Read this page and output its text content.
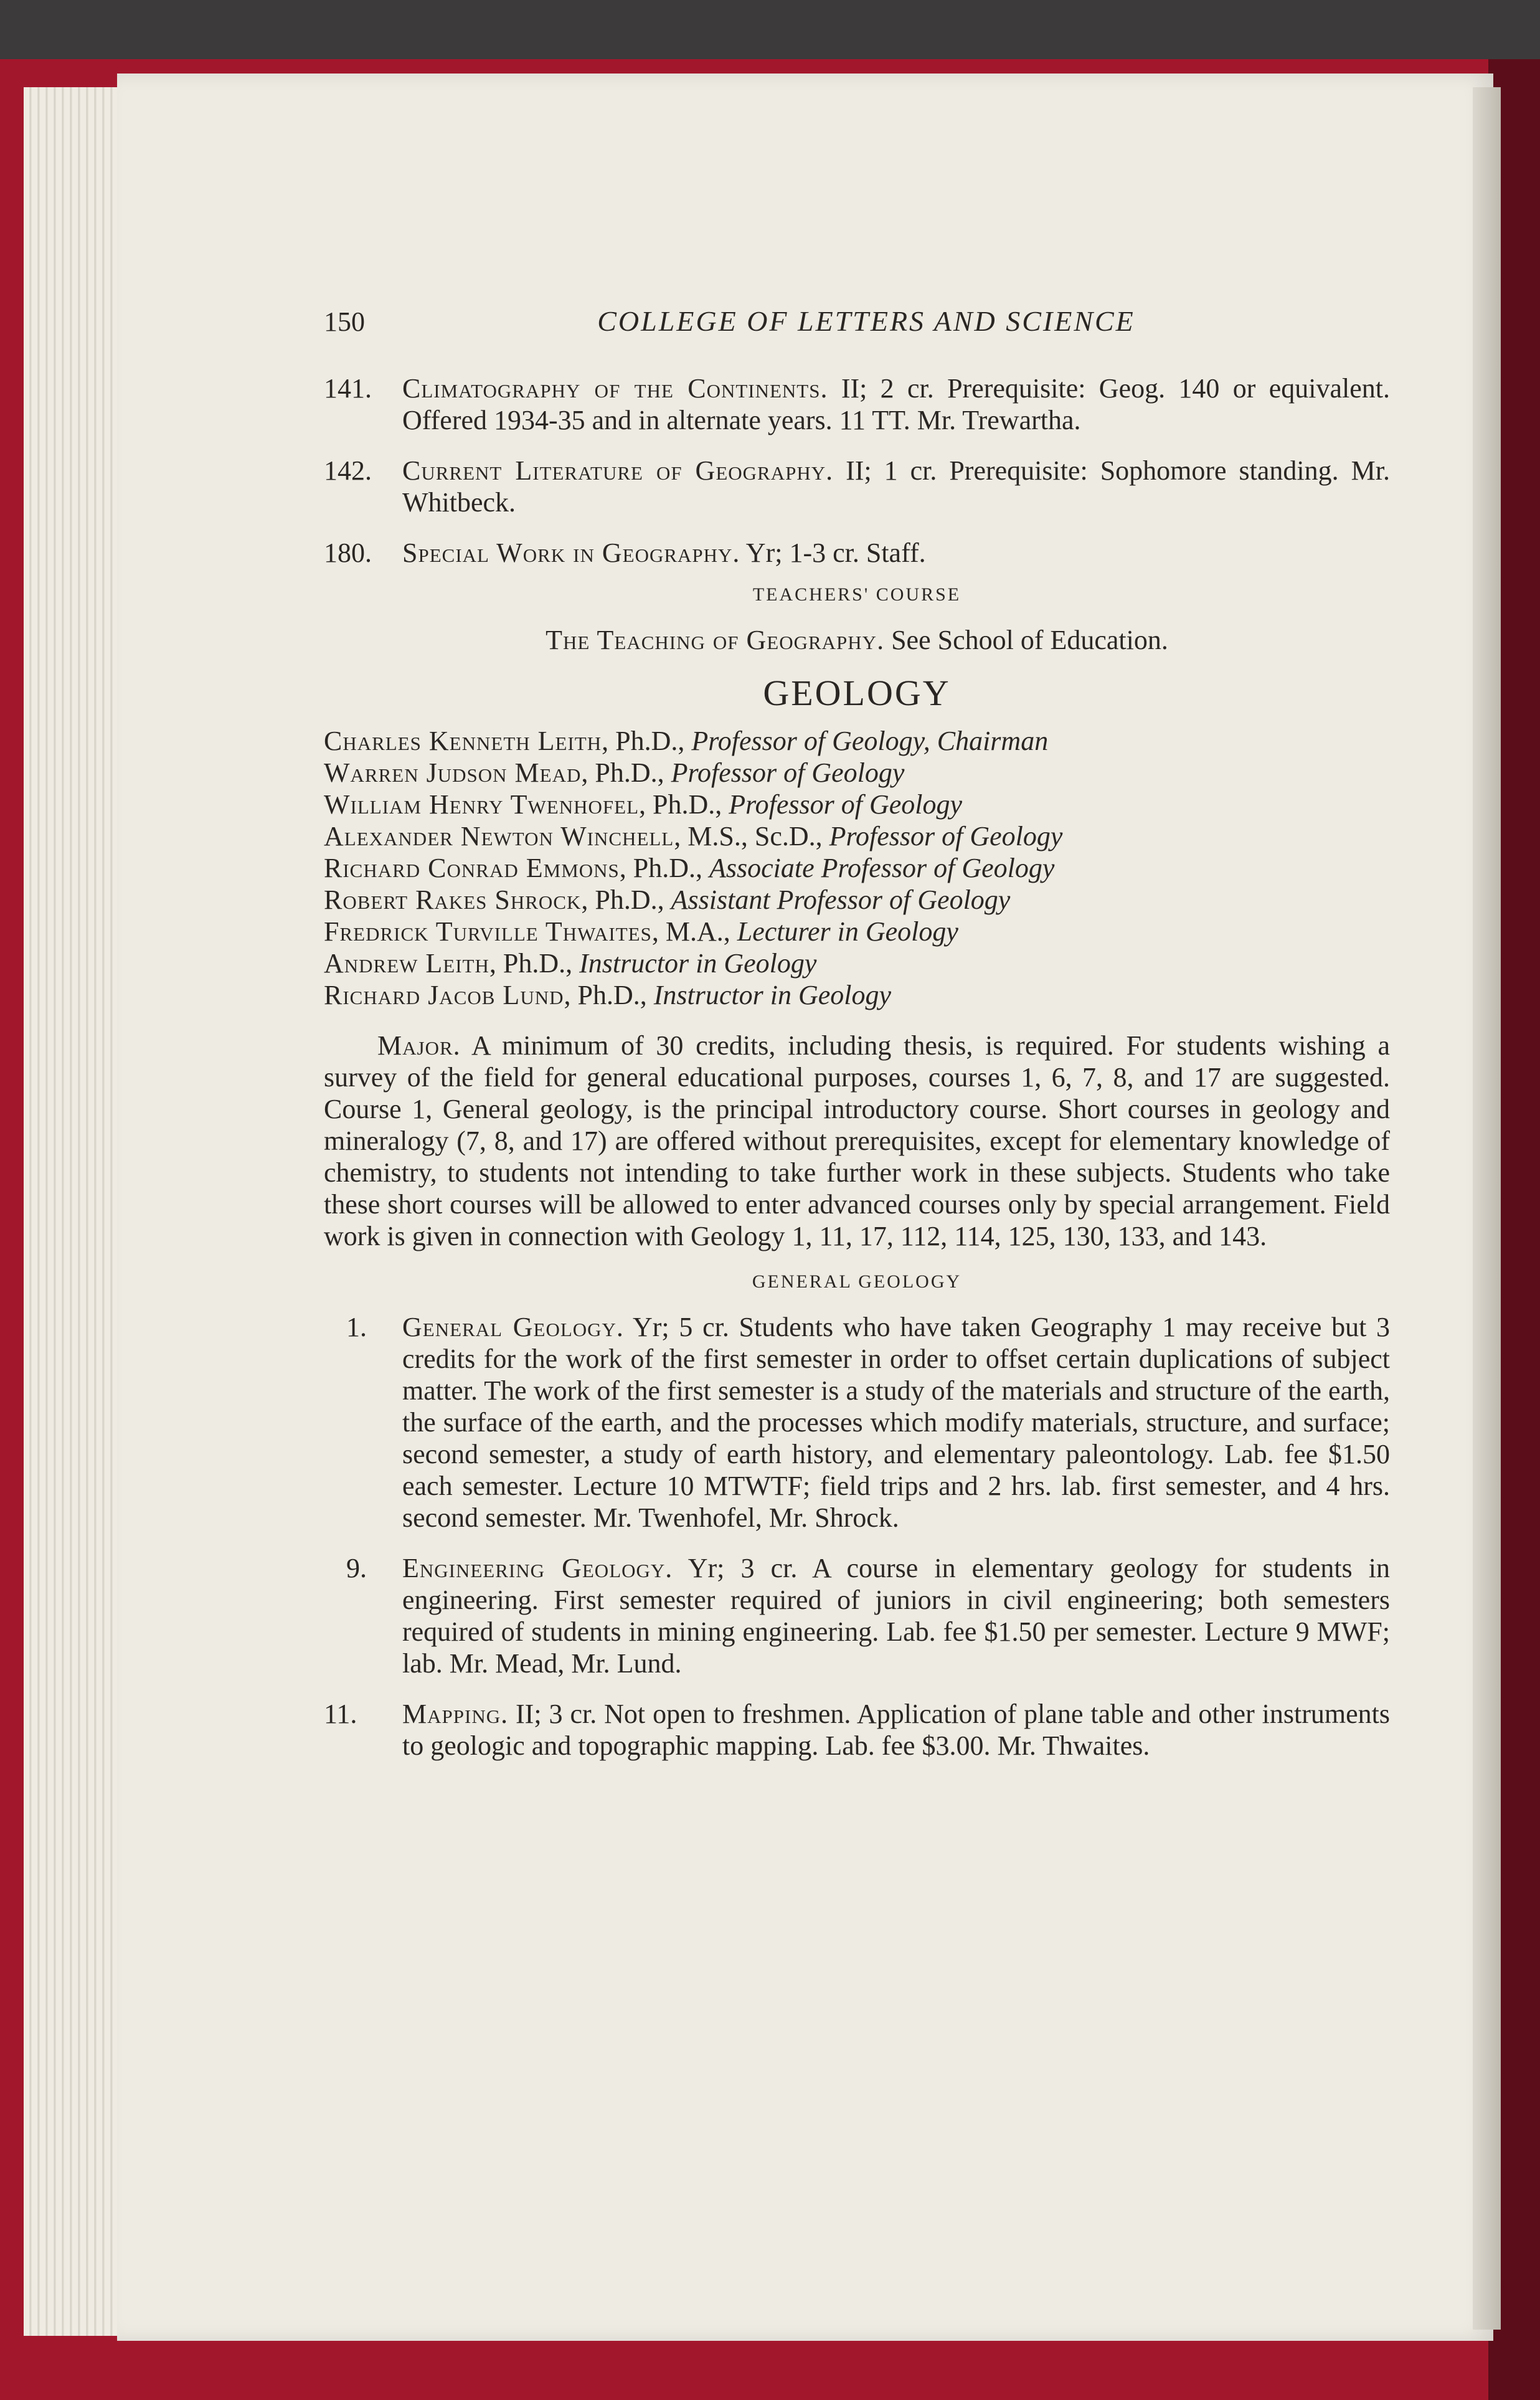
150	COLLEGE OF LETTERS AND SCIENCE
141. Climatography of the Continents. II; 2 cr. Prerequisite: Geog. 140 or equivalent. Offered 1934-35 and in alternate years. 11 TT. Mr. Trewartha.
142. Current Literature of Geography. II; 1 cr. Prerequisite: Sophomore standing. Mr. Whitbeck.
180. Special Work in Geography. Yr; 1-3 cr. Staff.
TEACHERS' COURSE
The Teaching of Geography. See School of Education.
GEOLOGY
Charles Kenneth Leith, Ph.D., Professor of Geology, Chairman
Warren Judson Mead, Ph.D., Professor of Geology
William Henry Twenhofel, Ph.D., Professor of Geology
Alexander Newton Winchell, M.S., Sc.D., Professor of Geology
Richard Conrad Emmons, Ph.D., Associate Professor of Geology
Robert Rakes Shrock, Ph.D., Assistant Professor of Geology
Fredrick Turville Thwaites, M.A., Lecturer in Geology
Andrew Leith, Ph.D., Instructor in Geology
Richard Jacob Lund, Ph.D., Instructor in Geology
Major. A minimum of 30 credits, including thesis, is required. For students wishing a survey of the field for general educational purposes, courses 1, 6, 7, 8, and 17 are suggested. Course 1, General geology, is the principal introductory course. Short courses in geology and mineralogy (7, 8, and 17) are offered without prerequisites, except for elementary knowledge of chemistry, to students not intending to take further work in these subjects. Students who take these short courses will be allowed to enter advanced courses only by special arrangement. Field work is given in connection with Geology 1, 11, 17, 112, 114, 125, 130, 133, and 143.
GENERAL GEOLOGY
1. General Geology. Yr; 5 cr. Students who have taken Geography 1 may receive but 3 credits for the work of the first semester in order to offset certain duplications of subject matter. The work of the first semester is a study of the materials and structure of the earth, the surface of the earth, and the processes which modify materials, structure, and surface; second semester, a study of earth history, and elementary paleontology. Lab. fee $1.50 each semester. Lecture 10 MTWTF; field trips and 2 hrs. lab. first semester, and 4 hrs. second semester. Mr. Twenhofel, Mr. Shrock.
9. Engineering Geology. Yr; 3 cr. A course in elementary geology for students in engineering. First semester required of juniors in civil engineering; both semesters required of students in mining engineering. Lab. fee $1.50 per semester. Lecture 9 MWF; lab. Mr. Mead, Mr. Lund.
11. Mapping. II; 3 cr. Not open to freshmen. Application of plane table and other instruments to geologic and topographic mapping. Lab. fee $3.00. Mr. Thwaites.
